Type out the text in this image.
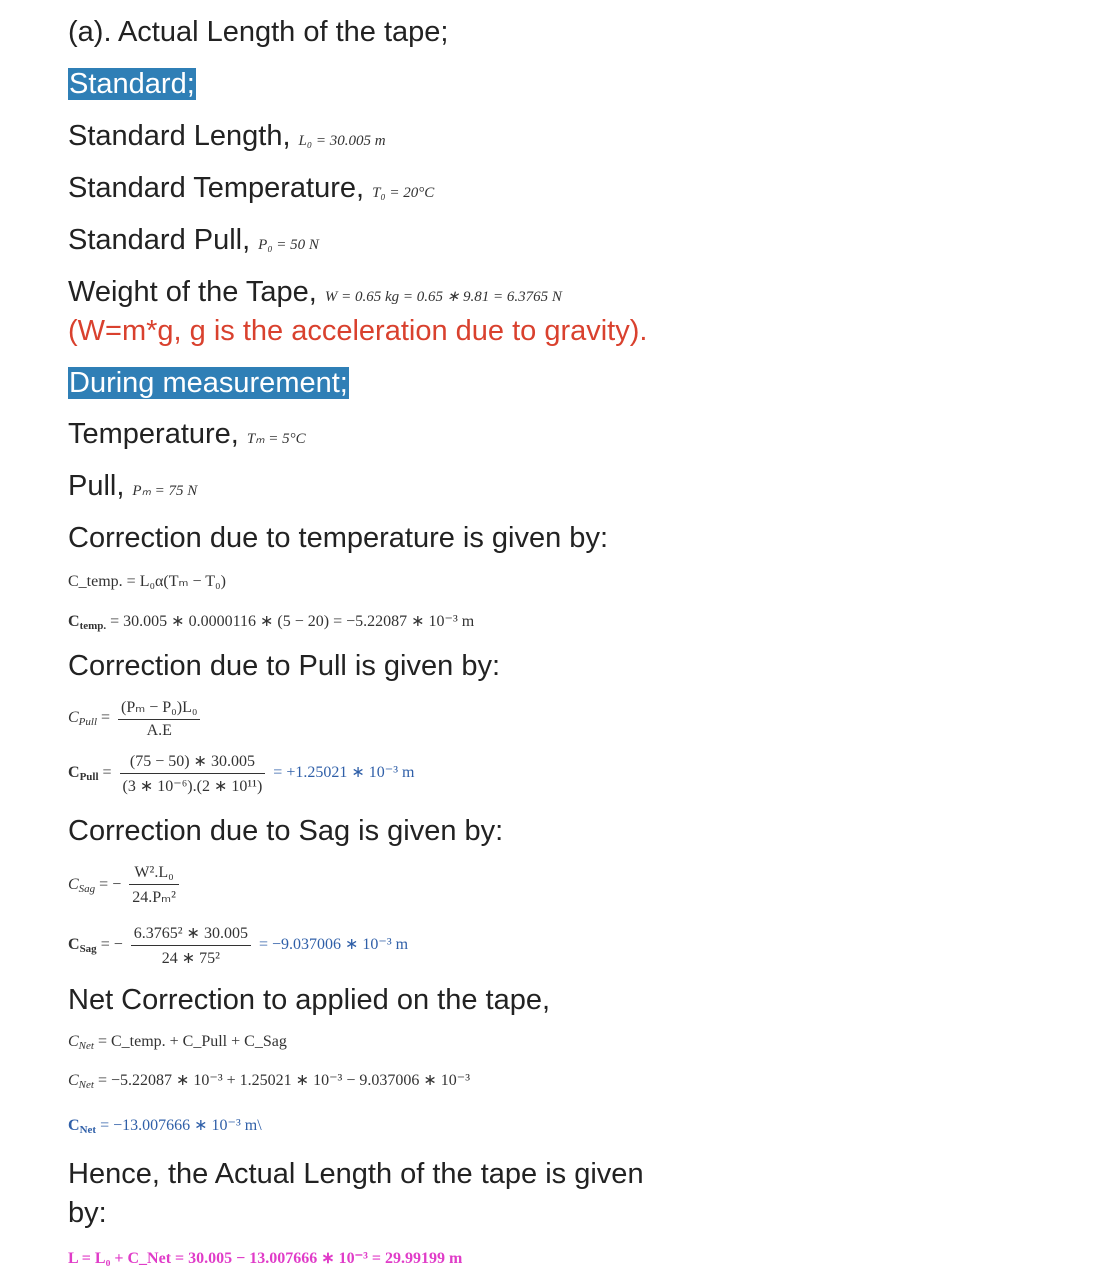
(a). Actual Length of the tape;
Standard;
Standard Length, L₀ = 30.005 m
Standard Temperature, T₀ = 20°C
Standard Pull, P₀ = 50 N
Weight of the Tape, W = 0.65 kg = 0.65 ∗ 9.81 = 6.3765 N
(W=m*g, g is the acceleration due to gravity).
During measurement;
Temperature, Tₘ = 5°C
Pull, Pₘ = 75 N
Correction due to temperature is given by:
C_temp. = L₀α(Tₘ − T₀)
$C_{temp.} = 30.005$ ∗ 0.0000116 ∗ (5 − 20) = −5.22087 ∗ 10⁻³ m
Correction due to Pull is given by:
$C_{Pull} = \frac{\text{(Pₘ − P₀)L₀}}{A.E}$
$C_{Pull} = \frac{(75 - 50) ∗ 30.005}{\text{(3 ∗ 10⁻⁶).(2 ∗ 10¹¹)}} = +1.25021$ ∗ 10⁻³ m
Correction due to Sag is given by:
$C_{Sag}$ = − $\frac{\text{W².L₀}}{\text{24.Pₘ²}}$
$C_{Sag}$ = − $\frac{\text{6.3765² ∗ 30.005}}{\text{24 ∗ 75²}} = -9.037006$ ∗ 10⁻³ m
Net Correction to applied on the tape,
$C_{Net}$ = C_temp. + C_Pull + C_Sag
$C_{Net} = -5.22087$ ∗ 10⁻³ + 1.25021 ∗ 10⁻³ − 9.037006 ∗ 10⁻³
$C_{Net} = -13.007666$ ∗ 10⁻³ m\
Hence, the Actual Length of the tape is given
by:
L = L₀ + C_Net = 30.005 − 13.007666 ∗ 10⁻³ = 29.99199 m
